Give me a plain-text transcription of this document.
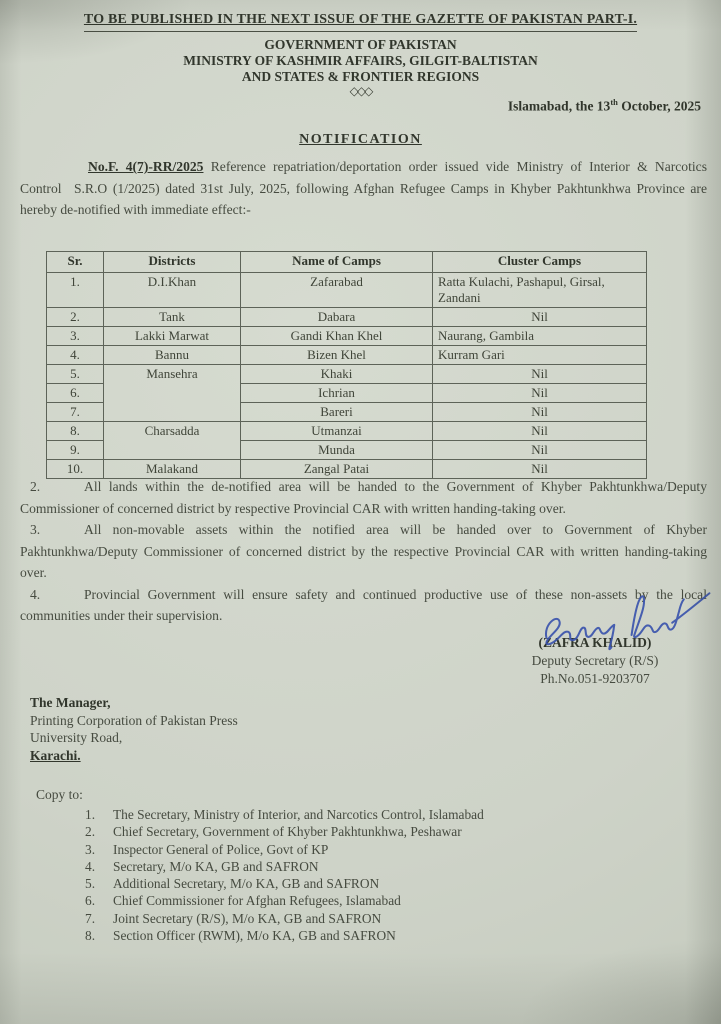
TO BE PUBLISHED IN THE NEXT ISSUE OF THE GAZETTE OF PAKISTAN PART-I.
GOVERNMENT OF PAKISTAN
MINISTRY OF KASHMIR AFFAIRS, GILGIT-BALTISTAN
AND STATES & FRONTIER REGIONS
◇◇◇
Islamabad, the 13th October, 2025
NOTIFICATION
No.F. 4(7)-RR/2025 Reference repatriation/deportation order issued vide Ministry of Interior & Narcotics Control  S.R.O (1/2025) dated 31st July, 2025, following Afghan Refugee Camps in Khyber Pakhtunkhwa Province are hereby de-notified with immediate effect:-
Sr.	Districts	Name of Camps	Cluster Camps
1.	D.I.Khan	Zafarabad	Ratta Kulachi, Pashapul, Girsal, Zandani
2.	Tank	Dabara	Nil
3.	Lakki Marwat	Gandi Khan Khel	Naurang, Gambila
4.	Bannu	Bizen Khel	Kurram Gari
5.	Mansehra	Khaki	Nil
6.		Ichrian	Nil
7.		Bareri	Nil
8.	Charsadda	Utmanzai	Nil
9.		Munda	Nil
10.	Malakand	Zangal Patai	Nil
2.	All lands within the de-notified area will be handed to the Government of Khyber Pakhtunkhwa/Deputy Commissioner of concerned district by respective Provincial CAR with written handing-taking over.
3.	All non-movable assets within the notified area will be handed over to Government of Khyber Pakhtunkhwa/Deputy Commissioner of concerned district by the respective Provincial CAR with written handing-taking over.
4.	Provincial Government will ensure safety and continued productive use of these non-assets by the local communities under their supervision.
(ZAFRA KHALID)
Deputy Secretary (R/S)
Ph.No.051-9203707
The Manager,
Printing Corporation of Pakistan Press
University Road,
Karachi.
Copy to:
1. The Secretary, Ministry of Interior, and Narcotics Control, Islamabad
2. Chief Secretary, Government of Khyber Pakhtunkhwa, Peshawar
3. Inspector General of Police, Govt of KP
4. Secretary, M/o KA, GB and SAFRON
5. Additional Secretary, M/o KA, GB and SAFRON
6. Chief Commissioner for Afghan Refugees, Islamabad
7. Joint Secretary (R/S), M/o KA, GB and SAFRON
8. Section Officer (RWM), M/o KA, GB and SAFRON
